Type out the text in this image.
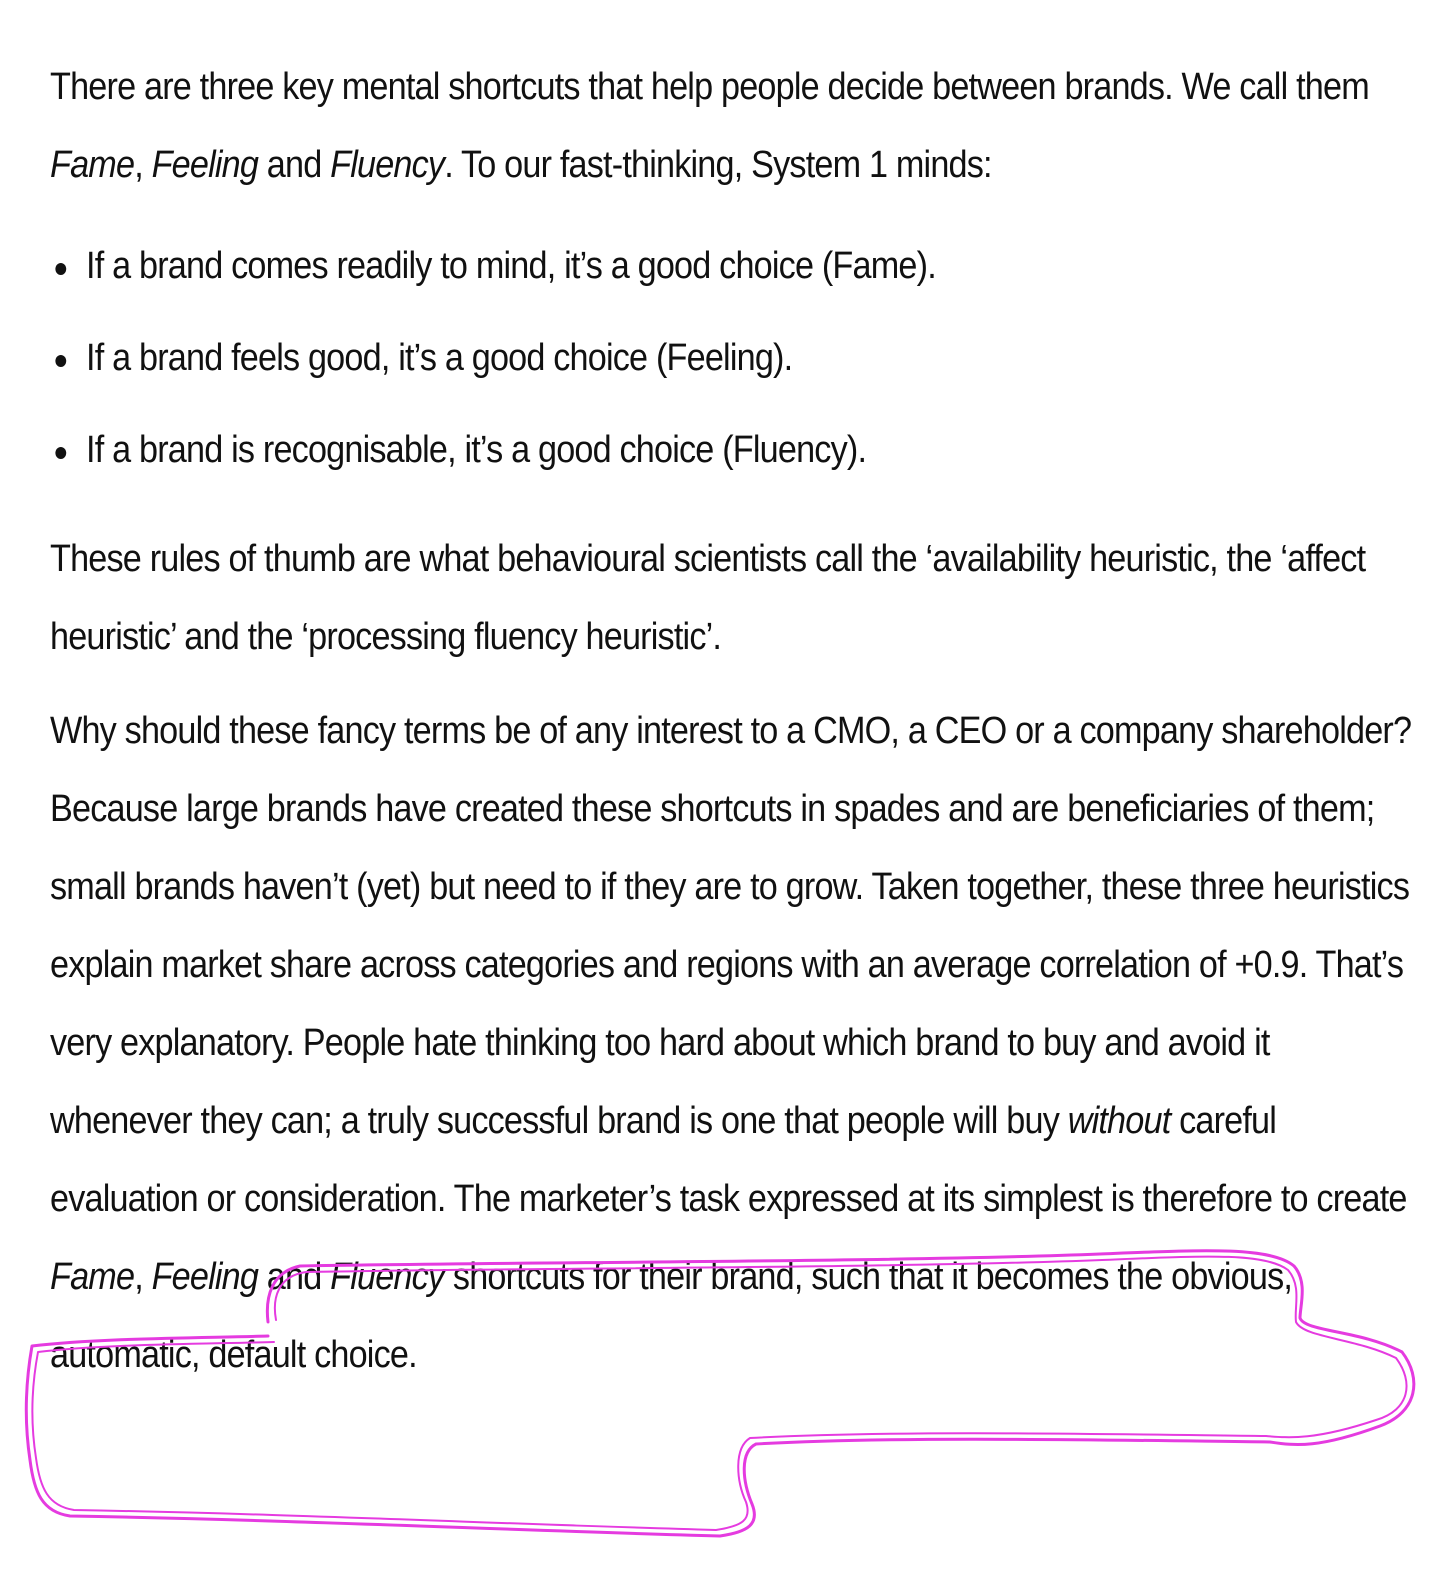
There are three key mental shortcuts that help people decide between brands. We call them Fame, Feeling and Fluency. To our fast-thinking, System 1 minds:

If a brand comes readily to mind, it’s a good choice (Fame).
If a brand feels good, it’s a good choice (Feeling).
If a brand is recognisable, it’s a good choice (Fluency).

These rules of thumb are what behavioural scientists call the ‘availability heuristic, the ‘affect heuristic’ and the ‘processing fluency heuristic’.

Why should these fancy terms be of any interest to a CMO, a CEO or a company shareholder? Because large brands have created these shortcuts in spades and are beneficiaries of them; small brands haven’t (yet) but need to if they are to grow. Taken together, these three heuristics explain market share across categories and regions with an average correlation of +0.9. That’s very explanatory. People hate thinking too hard about which brand to buy and avoid it whenever they can; a truly successful brand is one that people will buy without careful evaluation or consideration. The marketer’s task expressed at its simplest is therefore to create Fame, Feeling and Fluency shortcuts for their brand, such that it becomes the obvious, automatic, default choice.
